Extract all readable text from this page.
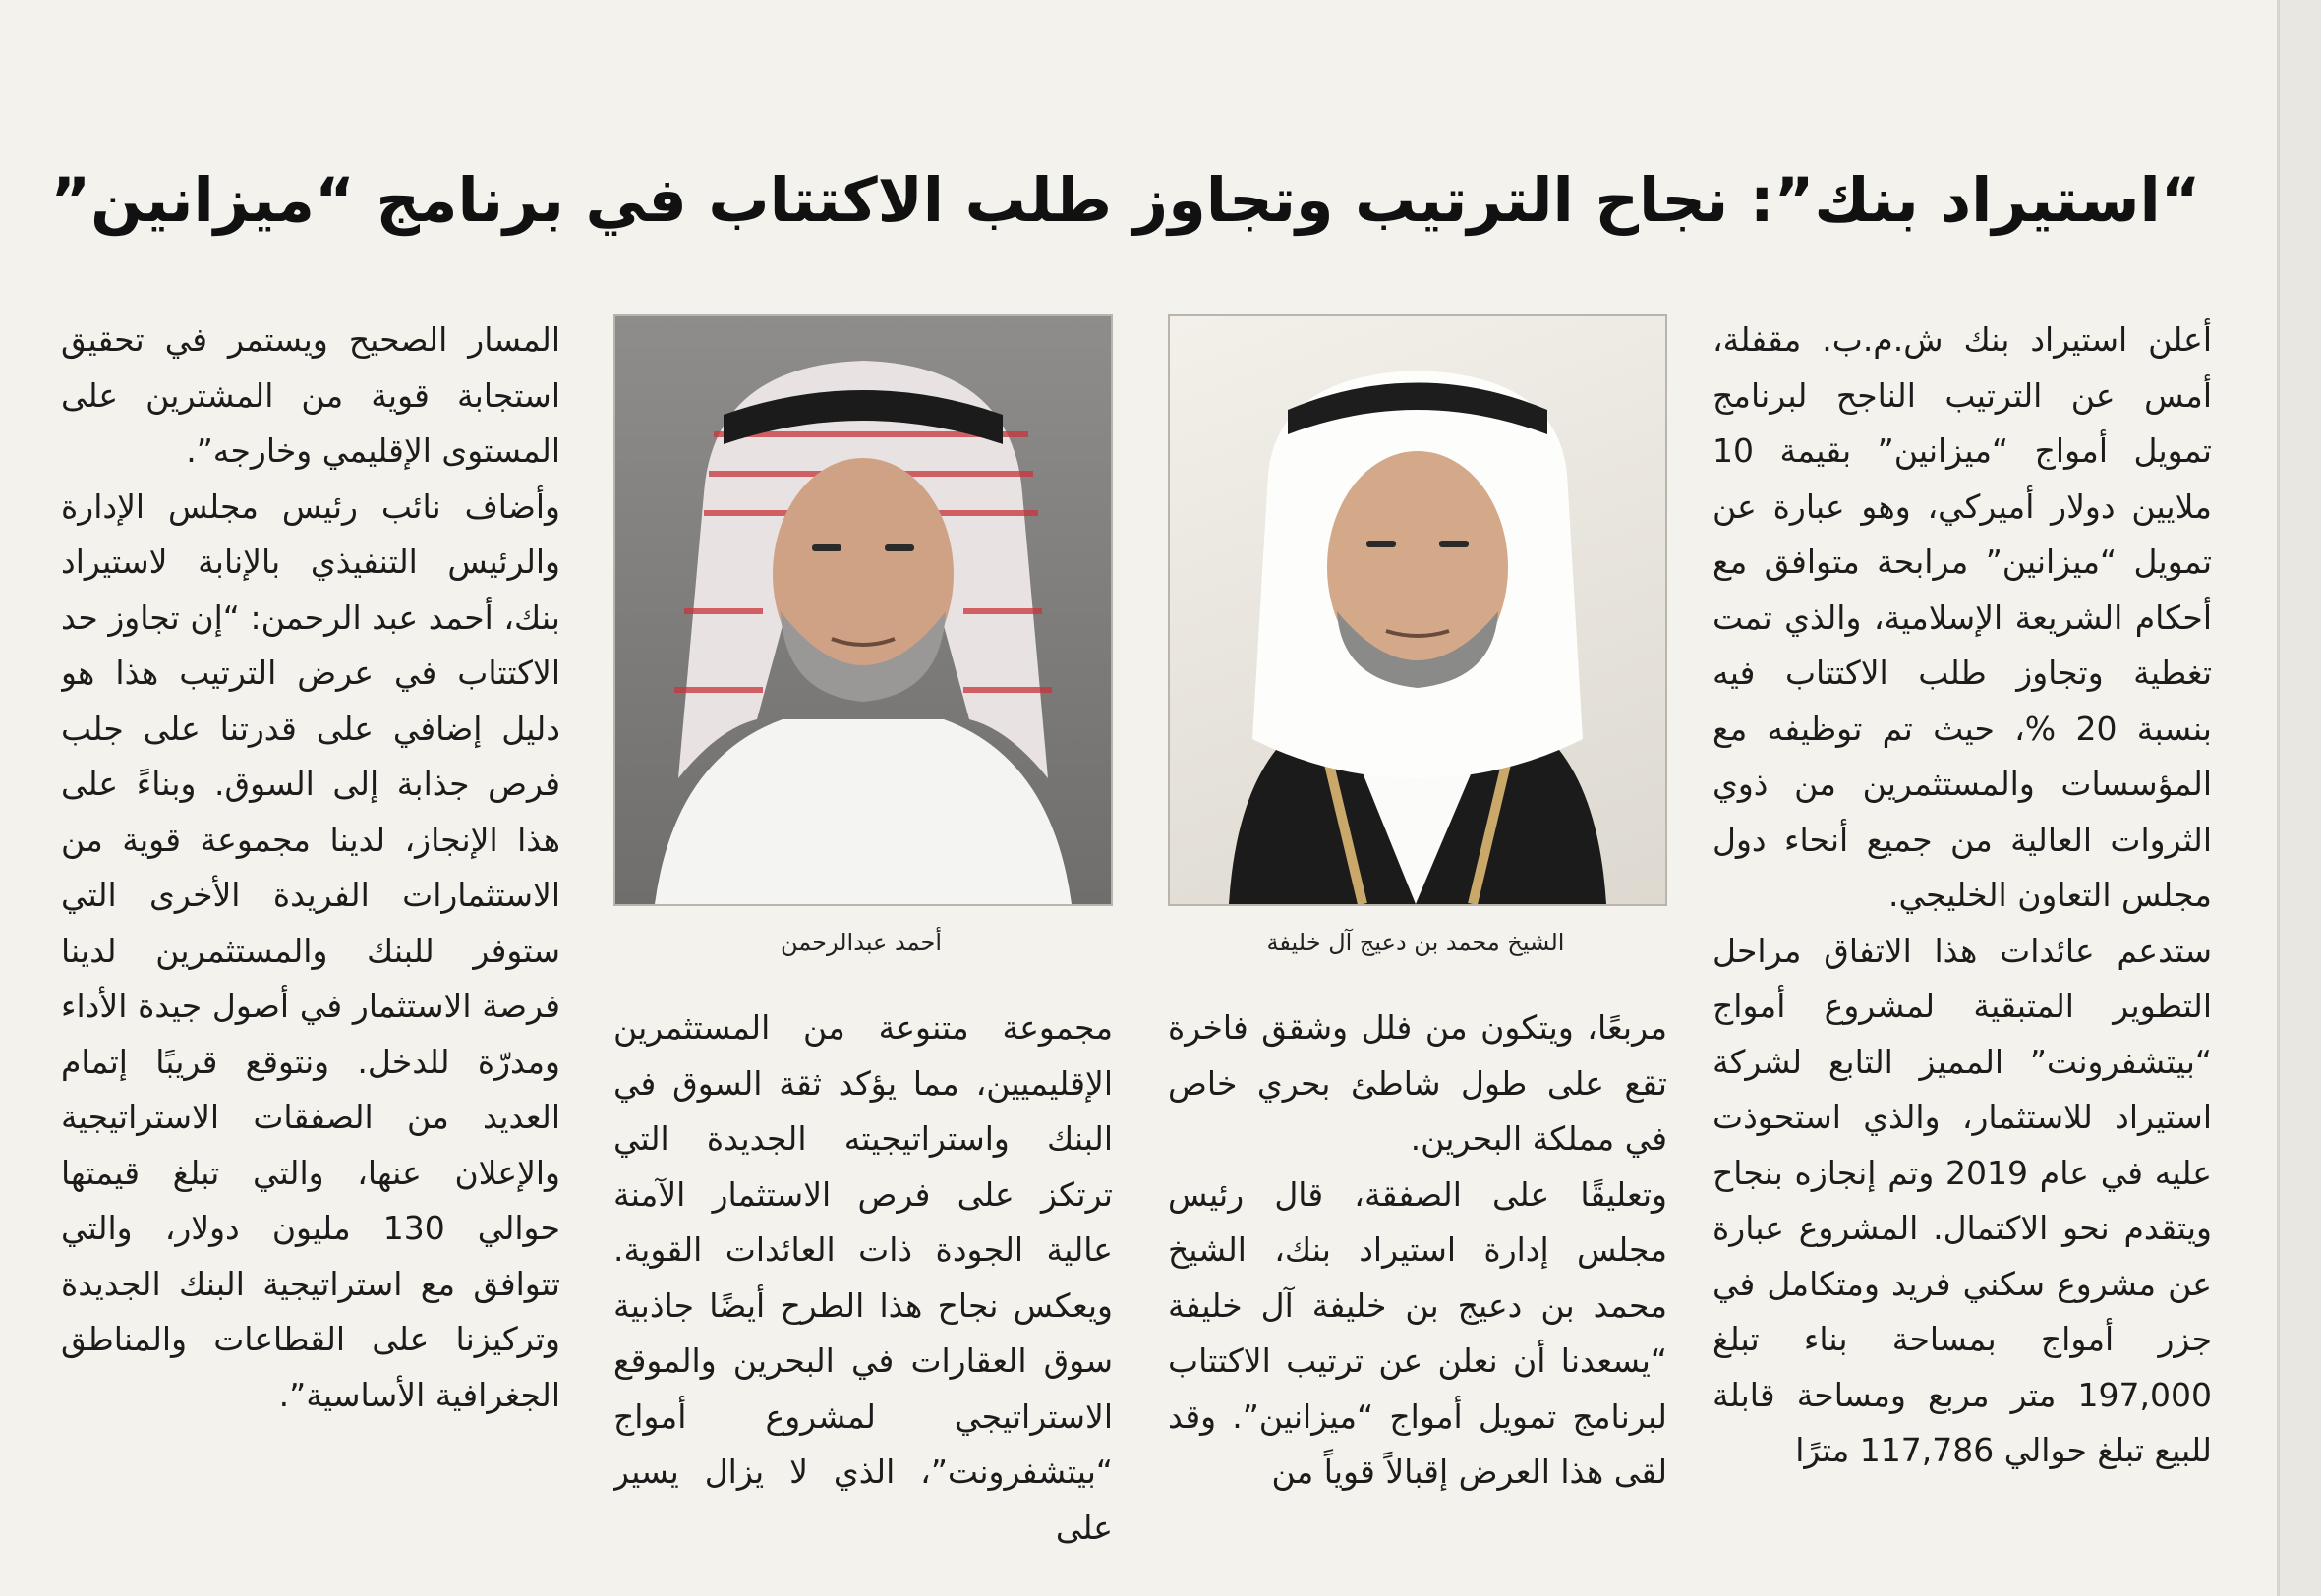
“استيراد بنك”: نجاح الترتيب وتجاوز طلب الاكتتاب في برنامج “ميزانين”

أعلن استيراد بنك ش.م.ب. مقفلة، أمس عن الترتيب الناجح لبرنامج تمويل أمواج “ميزانين” بقيمة 10 ملايين دولار أميركي، وهو عبارة عن تمويل “ميزانين” مرابحة متوافق مع أحكام الشريعة الإسلامية، والذي تمت تغطية وتجاوز طلب الاكتتاب فيه بنسبة 20 %، حيث تم توظيفه مع المؤسسات والمستثمرين من ذوي الثروات العالية من جميع أنحاء دول مجلس التعاون الخليجي.

ستدعم عائدات هذا الاتفاق مراحل التطوير المتبقية لمشروع أمواج “بيتشفرونت” المميز التابع لشركة استيراد للاستثمار، والذي استحوذت عليه في عام 2019 وتم إنجازه بنجاح ويتقدم نحو الاكتمال. المشروع عبارة عن مشروع سكني فريد ومتكامل في جزر أمواج بمساحة بناء تبلغ 197,000 متر مربع ومساحة قابلة للبيع تبلغ حوالي 117,786 مترًا

الشيخ محمد بن دعيج آل خليفة
أحمد عبدالرحمن

مربعًا، ويتكون من فلل وشقق فاخرة تقع على طول شاطئ بحري خاص في مملكة البحرين.

وتعليقًا على الصفقة، قال رئيس مجلس إدارة استيراد بنك، الشيخ محمد بن دعيج بن خليفة آل خليفة “يسعدنا أن نعلن عن ترتيب الاكتتاب لبرنامج تمويل أمواج “ميزانين”. وقد لقى هذا العرض إقبالاً قوياً من

مجموعة متنوعة من المستثمرين الإقليميين، مما يؤكد ثقة السوق في البنك واستراتيجيته الجديدة التي ترتكز على فرص الاستثمار الآمنة عالية الجودة ذات العائدات القوية. ويعكس نجاح هذا الطرح أيضًا جاذبية سوق العقارات في البحرين والموقع الاستراتيجي لمشروع أمواج “بيتشفرونت”، الذي لا يزال يسير على

المسار الصحيح ويستمر في تحقيق استجابة قوية من المشترين على المستوى الإقليمي وخارجه”.

وأضاف نائب رئيس مجلس الإدارة والرئيس التنفيذي بالإنابة لاستيراد بنك، أحمد عبد الرحمن: “إن تجاوز حد الاكتتاب في عرض الترتيب هذا هو دليل إضافي على قدرتنا على جلب فرص جذابة إلى السوق. وبناءً على هذا الإنجاز، لدينا مجموعة قوية من الاستثمارات الفريدة الأخرى التي ستوفر للبنك والمستثمرين لدينا فرصة الاستثمار في أصول جيدة الأداء ومدرّة للدخل. ونتوقع قريبًا إتمام العديد من الصفقات الاستراتيجية والإعلان عنها، والتي تبلغ قيمتها حوالي 130 مليون دولار، والتي تتوافق مع استراتيجية البنك الجديدة وتركيزنا على القطاعات والمناطق الجغرافية الأساسية”.
